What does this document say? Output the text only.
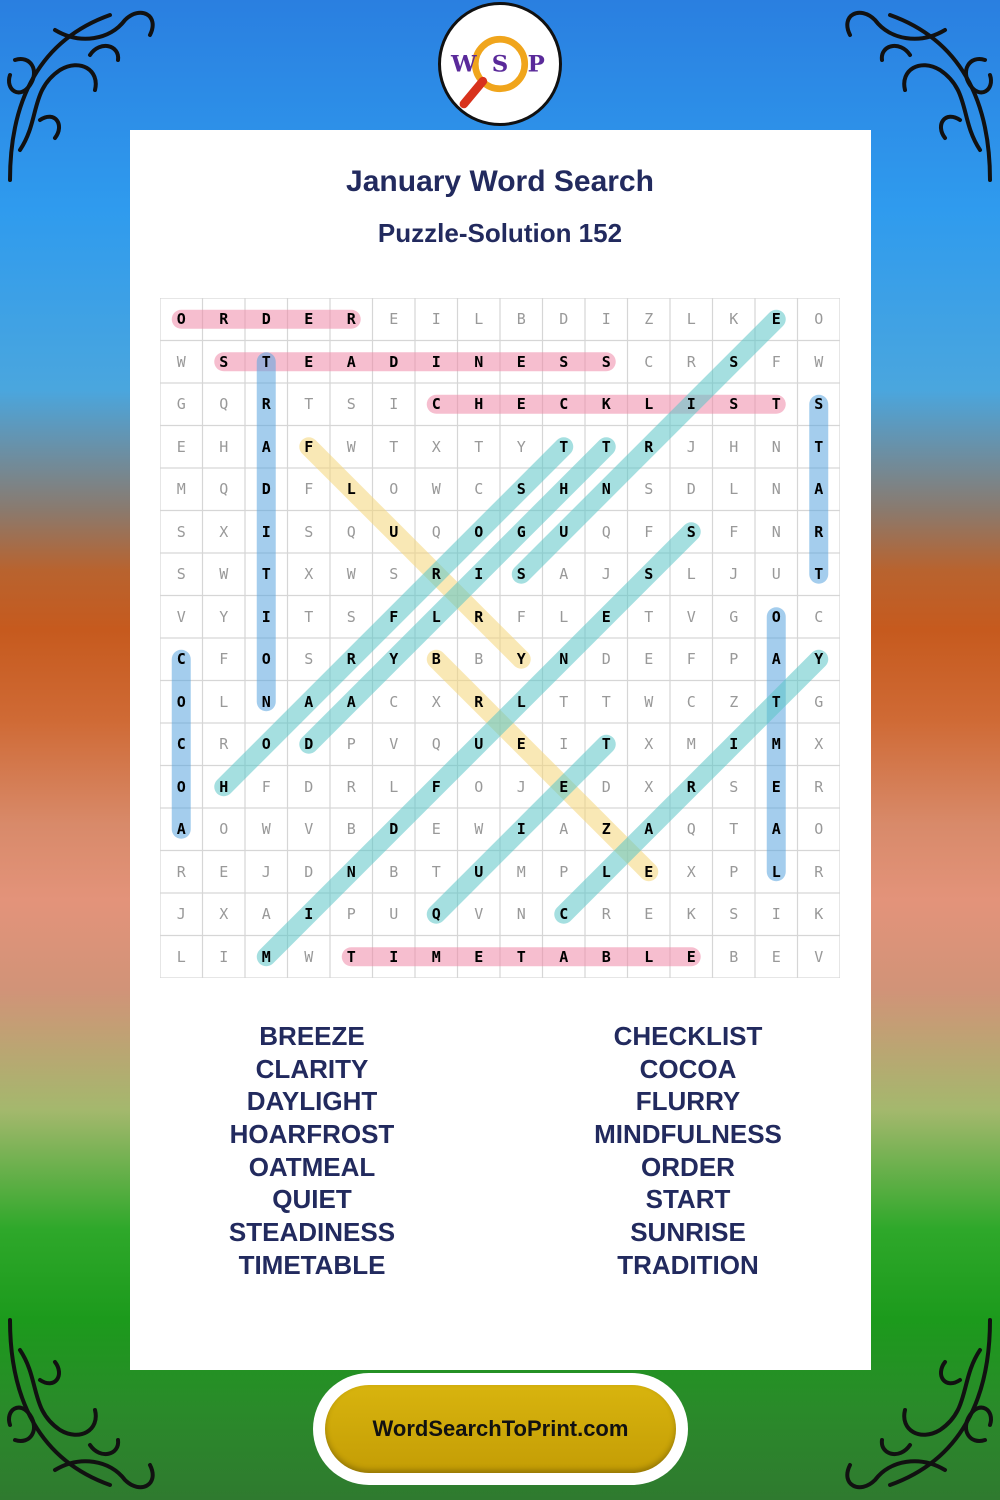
W S P
January Word Search
Puzzle-Solution 152
O	R	D	E	R	E	I	L	B	D	I	Z	L	K	E	O
W	S	T	E	A	D	I	N	E	S	S	C	R	S	F	W
G	Q	R	T	S	I	C	H	E	C	K	L	I	S	T	S
E	H	A	F	W	T	X	T	Y	T	T	R	J	H	N	T
M	Q	D	F	L	O	W	C	S	H	N	S	D	L	N	A
S	X	I	S	Q	U	Q	O	G	U	Q	F	S	F	N	R
S	W	T	X	W	S	R	I	S	A	J	S	L	J	U	T
V	Y	I	T	S	F	L	R	F	L	E	T	V	G	O	C
C	F	O	S	R	Y	B	B	Y	N	D	E	F	P	A	Y
O	L	N	A	A	C	X	R	L	T	T	W	C	Z	T	G
C	R	O	D	P	V	Q	U	E	I	T	X	M	I	M	X
O	H	F	D	R	L	F	O	J	E	D	X	R	S	E	R
A	O	W	V	B	D	E	W	I	A	Z	A	Q	T	A	O
R	E	J	D	N	B	T	U	M	P	L	E	X	P	L	R
J	X	A	I	P	U	Q	V	N	C	R	E	K	S	I	K
L	I	M	W	T	I	M	E	T	A	B	L	E	B	E	V
BREEZE
CLARITY
DAYLIGHT
HOARFROST
OATMEAL
QUIET
STEADINESS
TIMETABLE
CHECKLIST
COCOA
FLURRY
MINDFULNESS
ORDER
START
SUNRISE
TRADITION
WordSearchToPrint.com
